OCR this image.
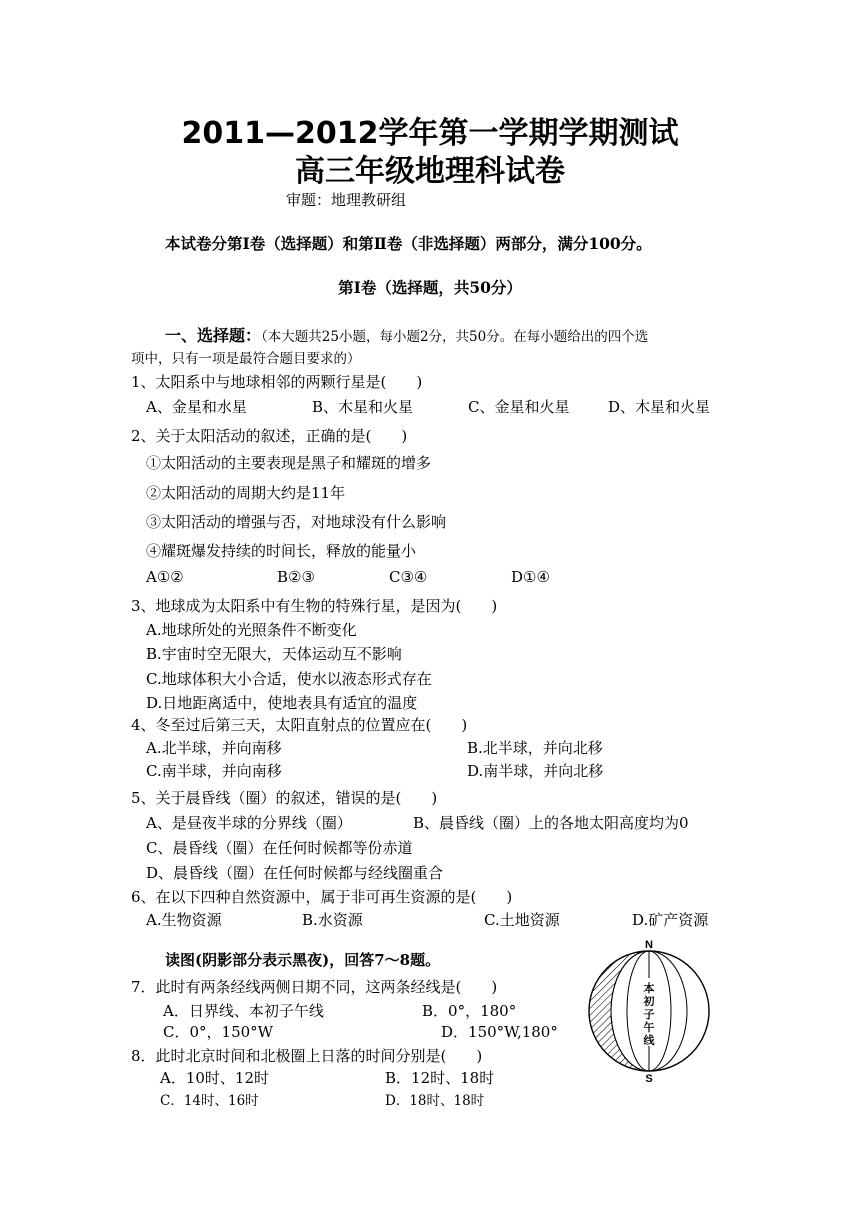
2011—2012学年第一学期学期测试
高三年级地理科试卷
审题：地理教研组
本试卷分第Ⅰ卷（选择题）和第Ⅱ卷（非选择题）两部分，满分100分。
第Ⅰ卷（选择题，共50分）
一、选择题：（本大题共25小题，每小题2分，共50分。在每小题给出的四个选
项中，只有一项是最符合题目要求的）
1、太阳系中与地球相邻的两颗行星是(　　)
A、金星和水星	B、木星和火星	C、金星和火星	D、木星和火星
2、关于太阳活动的叙述，正确的是(　　)
①太阳活动的主要表现是黑子和耀斑的增多
②太阳活动的周期大约是11年
③太阳活动的增强与否，对地球没有什么影响
④耀斑爆发持续的时间长，释放的能量小
A①②	B②③	C③④	D①④
3、地球成为太阳系中有生物的特殊行星，是因为(　　)
A.地球所处的光照条件不断变化
B.宇宙时空无限大，天体运动互不影响
C.地球体积大小合适，使水以液态形式存在
D.日地距离适中，使地表具有适宜的温度
4、冬至过后第三天，太阳直射点的位置应在(　　)
A.北半球，并向南移	B.北半球，并向北移
C.南半球，并向南移	D.南半球，并向北移
5、关于晨昏线（圈）的叙述，错误的是(　　)
A、是昼夜半球的分界线（圈）	B、晨昏线（圈）上的各地太阳高度均为0
C、晨昏线（圈）在任何时候都等份赤道
D、晨昏线（圈）在任何时候都与经线圈重合
6、在以下四种自然资源中，属于非可再生资源的是(　　)
A.生物资源	B.水资源	C.土地资源	D.矿产资源
读图(阴影部分表示黑夜)，回答7～8题。
7．此时有两条经线两侧日期不同，这两条经线是(　　)
A．日界线、本初子午线	B．0°，180°
C．0°，150°W	D．150°W,180°
8．此时北京时间和北极圈上日落的时间分别是(　　)
A．10时、12时	B．12时、18时
C．14时、16时	D．18时、18时
N
S
本
初
子
午
线
